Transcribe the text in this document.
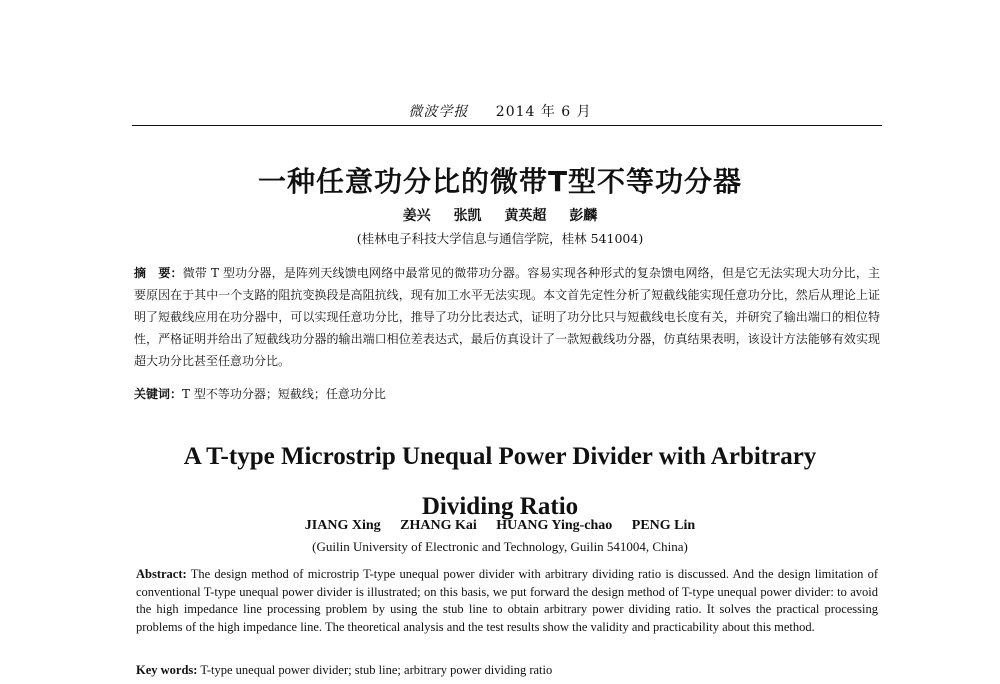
微波学报 2014 年 6 月
一种任意功分比的微带T型不等功分器
姜兴 张凯 黄英超 彭麟
(桂林电子科技大学信息与通信学院，桂林 541004)
摘　要：微带 T 型功分器，是阵列天线馈电网络中最常见的微带功分器。容易实现各种形式的复杂馈电网络，但是它无法实现大功分比，主要原因在于其中一个支路的阻抗变换段是高阻抗线，现有加工水平无法实现。本文首先定性分析了短截线能实现任意功分比，然后从理论上证明了短截线应用在功分器中，可以实现任意功分比，推导了功分比表达式，证明了功分比只与短截线电长度有关，并研究了输出端口的相位特性，严格证明并给出了短截线功分器的输出端口相位差表达式，最后仿真设计了一款短截线功分器，仿真结果表明，该设计方法能够有效实现超大功分比甚至任意功分比。
关键词：T 型不等功分器；短截线；任意功分比
A T-type Microstrip Unequal Power Divider with Arbitrary
Dividing Ratio
JIANG Xing ZHANG Kai HUANG Ying-chao PENG Lin
(Guilin University of Electronic and Technology, Guilin 541004, China)
Abstract: The design method of microstrip T-type unequal power divider with arbitrary dividing ratio is discussed. And the design limitation of conventional T-type unequal power divider is illustrated; on this basis, we put forward the design method of T-type unequal power divider: to avoid the high impedance line processing problem by using the stub line to obtain arbitrary power dividing ratio. It solves the practical processing problems of the high impedance line. The theoretical analysis and the test results show the validity and practicability about this method.
Key words: T-type unequal power divider; stub line; arbitrary power dividing ratio
